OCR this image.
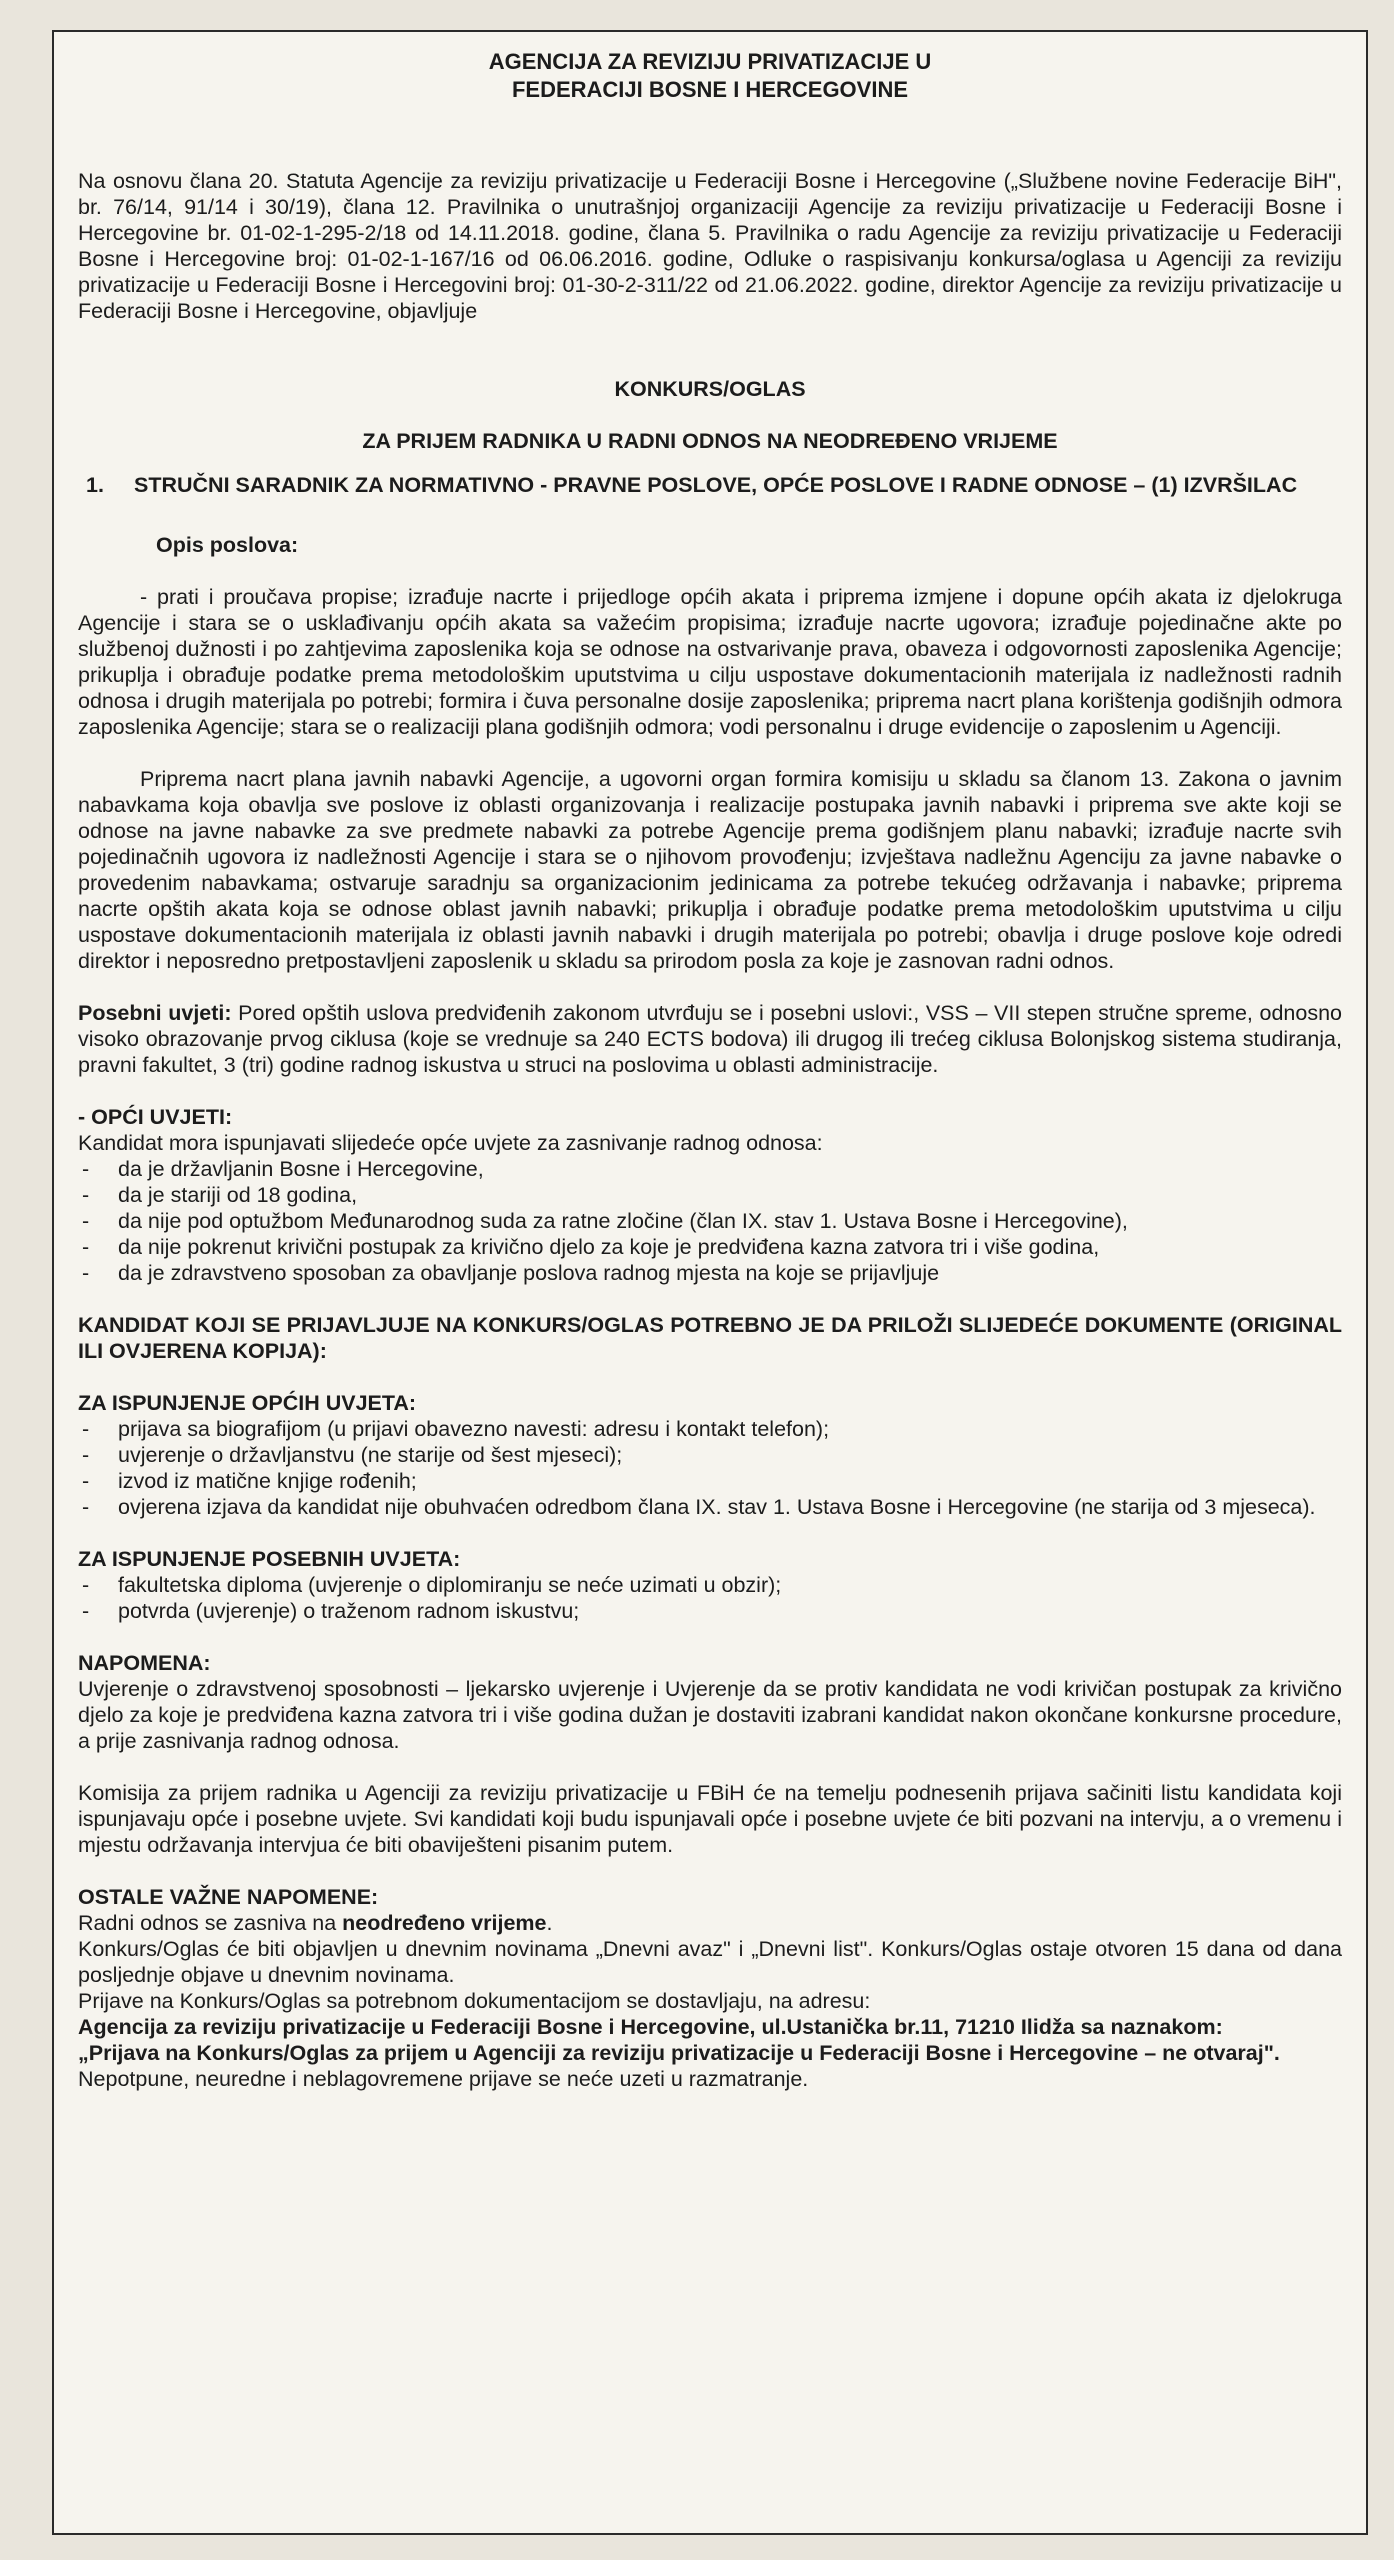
AGENCIJA ZA REVIZIJU PRIVATIZACIJE U
FEDERACIJI BOSNE I HERCEGOVINE

Na osnovu člana 20. Statuta Agencije za reviziju privatizacije u Federaciji Bosne i Hercegovine („Službene novine Federacije BiH", br. 76/14, 91/14 i 30/19), člana 12. Pravilnika o unutrašnjoj organizaciji Agencije za reviziju privatizacije u Federaciji Bosne i Hercegovine br. 01-02-1-295-2/18 od 14.11.2018. godine, člana 5. Pravilnika o radu Agencije za reviziju privatizacije u Federaciji Bosne i Hercegovine broj: 01-02-1-167/16 od 06.06.2016. godine, Odluke o raspisivanju konkursa/oglasa u Agenciji za reviziju privatizacije u Federaciji Bosne i Hercegovini broj: 01-30-2-311/22 od 21.06.2022. godine, direktor Agencije za reviziju privatizacije u Federaciji Bosne i Hercegovine, objavljuje

KONKURS/OGLAS
ZA PRIJEM RADNIKA U RADNI ODNOS NA NEODREĐENO VRIJEME
1.	STRUČNI SARADNIK ZA NORMATIVNO - PRAVNE POSLOVE, OPĆE POSLOVE I RADNE ODNOSE – (1) IZVRŠILAC
Opis poslova:

- prati i proučava propise; izrađuje nacrte i prijedloge općih akata i priprema izmjene i dopune općih akata iz djelokruga Agencije i stara se o usklađivanju općih akata sa važećim propisima; izrađuje nacrte ugovora; izrađuje pojedinačne akte po službenoj dužnosti i po zahtjevima zaposlenika koja se odnose na ostvarivanje prava, obaveza i odgovornosti zaposlenika Agencije; prikuplja i obrađuje podatke prema metodološkim uputstvima u cilju uspostave dokumentacionih materijala iz nadležnosti radnih odnosa i drugih materijala po potrebi; formira i čuva personalne dosije zaposlenika; priprema nacrt plana korištenja godišnjih odmora zaposlenika Agencije; stara se o realizaciji plana godišnjih odmora; vodi personalnu i druge evidencije o zaposlenim u Agenciji.

Priprema nacrt plana javnih nabavki Agencije, a ugovorni organ formira komisiju u skladu sa članom 13. Zakona o javnim nabavkama koja obavlja sve poslove iz oblasti organizovanja i realizacije postupaka javnih nabavki i priprema sve akte koji se odnose na javne nabavke za sve predmete nabavki za potrebe Agencije prema godišnjem planu nabavki; izrađuje nacrte svih pojedinačnih ugovora iz nadležnosti Agencije i stara se o njihovom provođenju; izvještava nadležnu Agenciju za javne nabavke o provedenim nabavkama; ostvaruje saradnju sa organizacionim jedinicama za potrebe tekućeg održavanja i nabavke; priprema nacrte opštih akata koja se odnose oblast javnih nabavki; prikuplja i obrađuje podatke prema metodološkim uputstvima u cilju uspostave dokumentacionih materijala iz oblasti javnih nabavki i drugih materijala po potrebi; obavlja i druge poslove koje odredi direktor i neposredno pretpostavljeni zaposlenik u skladu sa prirodom posla za koje je zasnovan radni odnos.

Posebni uvjeti: Pored opštih uslova predviđenih zakonom utvrđuju se i posebni uslovi:, VSS – VII stepen stručne spreme, odnosno visoko obrazovanje prvog ciklusa (koje se vrednuje sa 240 ECTS bodova) ili drugog ili trećeg ciklusa Bolonjskog sistema studiranja, pravni fakultet, 3 (tri) godine radnog iskustva u struci na poslovima u oblasti administracije.

- OPĆI UVJETI:
Kandidat mora ispunjavati slijedeće opće uvjete za zasnivanje radnog odnosa:
- da je državljanin Bosne i Hercegovine,
- da je stariji od 18 godina,
- da nije pod optužbom Međunarodnog suda za ratne zločine (član IX. stav 1. Ustava Bosne i Hercegovine),
- da nije pokrenut krivični postupak za krivično djelo za koje je predviđena kazna zatvora tri i više godina,
- da je zdravstveno sposoban za obavljanje poslova radnog mjesta na koje se prijavljuje

KANDIDAT KOJI SE PRIJAVLJUJE NA KONKURS/OGLAS POTREBNO JE DA PRILOŽI SLIJEDEĆE DOKUMENTE (ORIGINAL ILI OVJERENA KOPIJA):

ZA ISPUNJENJE OPĆIH UVJETA:
- prijava sa biografijom (u prijavi obavezno navesti: adresu i kontakt telefon);
- uvjerenje o državljanstvu (ne starije od šest mjeseci);
- izvod iz matične knjige rođenih;
- ovjerena izjava da kandidat nije obuhvaćen odredbom člana IX. stav 1. Ustava Bosne i Hercegovine (ne starija od 3 mjeseca).
ZA ISPUNJENJE POSEBNIH UVJETA:
- fakultetska diploma (uvjerenje o diplomiranju se neće uzimati u obzir);
- potvrda (uvjerenje) o traženom radnom iskustvu;
NAPOMENA:

Uvjerenje o zdravstvenoj sposobnosti – ljekarsko uvjerenje i Uvjerenje da se protiv kandidata ne vodi krivičan postupak za krivično djelo za koje je predviđena kazna zatvora tri i više godina dužan je dostaviti izabrani kandidat nakon okončane konkursne procedure, a prije zasnivanja radnog odnosa.

Komisija za prijem radnika u Agenciji za reviziju privatizacije u FBiH će na temelju podnesenih prijava sačiniti listu kandidata koji ispunjavaju opće i posebne uvjete. Svi kandidati koji budu ispunjavali opće i posebne uvjete će biti pozvani na intervju, a o vremenu i mjestu održavanja intervjua će biti obaviješteni pisanim putem.

OSTALE VAŽNE NAPOMENE:

Radni odnos se zasniva na neodređeno vrijeme.

Konkurs/Oglas će biti objavljen u dnevnim novinama „Dnevni avaz" i „Dnevni list". Konkurs/Oglas ostaje otvoren 15 dana od dana posljednje objave u dnevnim novinama.

Prijave na Konkurs/Oglas sa potrebnom dokumentacijom se dostavljaju, na adresu:

Agencija za reviziju privatizacije u Federaciji Bosne i Hercegovine, ul.Ustanička br.11, 71210 Ilidža sa naznakom:

„Prijava na Konkurs/Oglas za prijem u Agenciji za reviziju privatizacije u Federaciji Bosne i Hercegovine – ne otvaraj".

Nepotpune, neuredne i neblagovremene prijave se neće uzeti u razmatranje.
